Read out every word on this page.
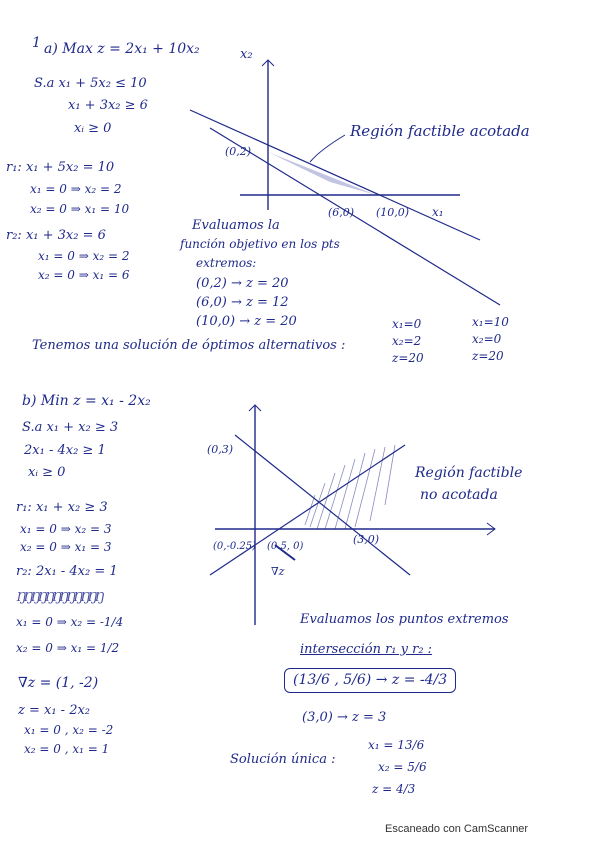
1 a) Max z = 2x₁ + 10x₂
S.a x₁ + 5x₂ ≤ 10
x₁ + 3x₂ ≥ 6
xᵢ ≥ 0
r₁: x₁ + 5x₂ = 10
x₁ = 0 ⇒ x₂ = 2
x₂ = 0 ⇒ x₁ = 10
r₂: x₁ + 3x₂ = 6
x₁ = 0 ⇒ x₂ = 2
x₂ = 0 ⇒ x₁ = 6
x₂
x₁
(0,2)
(6,0) (10,0)
Región factible acotada
Evaluamos la
función objetivo en los pts
extremos:
(0,2) → z = 20
(6,0) → z = 12
(10,0) → z = 20
Tenemos una solución de óptimos alternativos :
x₁=0
x₂=2
z=20
x₁=10
x₂=0
z=20
b) Min z = x₁ - 2x₂
S.a x₁ + x₂ ≥ 3
2x₁ - 4x₂ ≥ 1
xᵢ ≥ 0
r₁: x₁ + x₂ ≥ 3
x₁ = 0 ⇒ x₂ = 3
x₂ = 0 ⇒ x₁ = 3
r₂: 2x₁ - 4x₂ = 1
ŊŊŊŊŊŊŊŊŊŊŊŊ
x₁ = 0 ⇒ x₂ = -1/4
x₂ = 0 ⇒ x₁ = 1/2
∇z = (1, -2)
z = x₁ - 2x₂
x₁ = 0 , x₂ = -2
x₂ = 0 , x₁ = 1
(0,3)
(3,0)
(0,-0.25) (0.5, 0)
∇z
Región factible
no acotada
Evaluamos los puntos extremos
intersección r₁ y r₂ :
(13/6 , 5/6) → z = -4/3
(3,0) → z = 3
Solución única :
x₁ = 13/6
x₂ = 5/6
z = 4/3
Escaneado con CamScanner
